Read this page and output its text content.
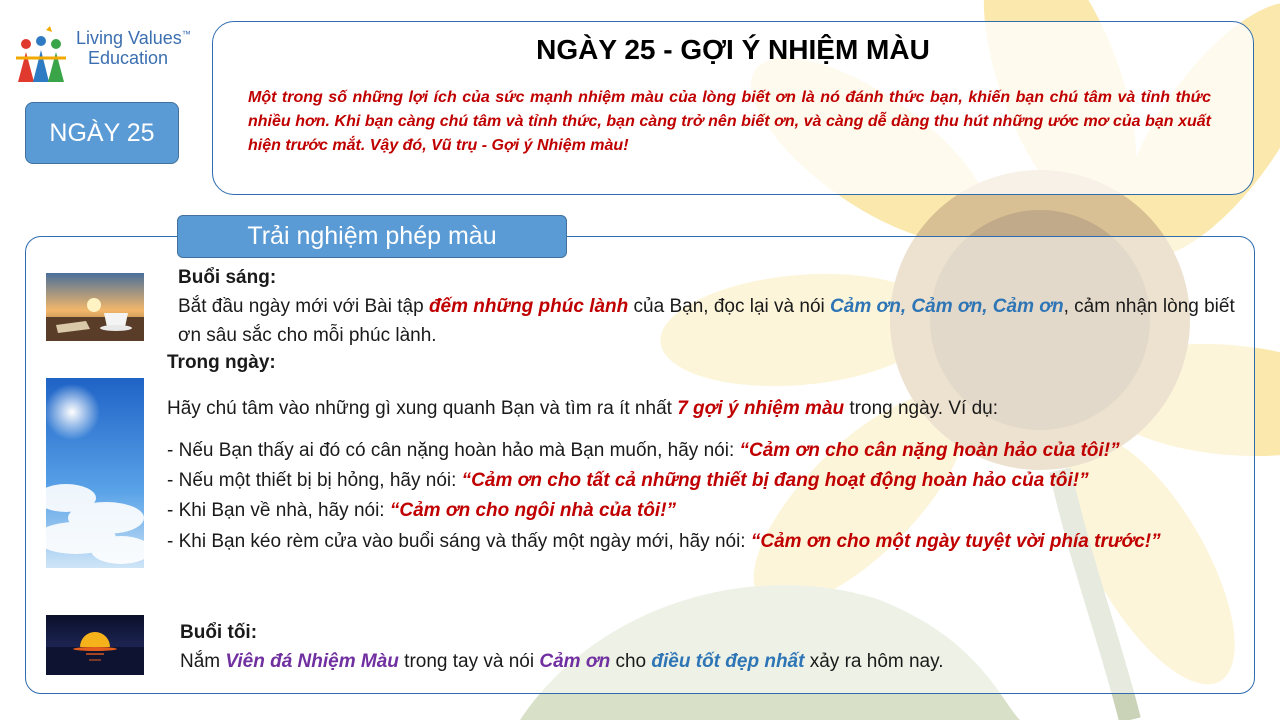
Living Values™
Education
NGÀY 25
NGÀY 25 - GỢI Ý NHIỆM MÀU
Một trong số những lợi ích của sức mạnh nhiệm màu của lòng biết ơn là nó đánh thức bạn, khiến bạn chú tâm và tỉnh thức nhiều hơn. Khi bạn càng chú tâm và tỉnh thức, bạn càng trở nên biết ơn, và càng dễ dàng thu hút những ước mơ của bạn xuất hiện trước mắt. Vậy đó, Vũ trụ - Gợi ý Nhiệm màu!
Trải nghiệm phép màu
Buổi sáng:
Bắt đầu ngày mới với Bài tập đếm những phúc lành của Bạn, đọc lại và nói Cảm ơn, Cảm ơn, Cảm ơn, cảm nhận lòng biết ơn sâu sắc cho mỗi phúc lành.
Trong ngày:
Hãy chú tâm vào những gì xung quanh Bạn và tìm ra ít nhất 7 gợi ý nhiệm màu trong ngày. Ví dụ:
- Nếu Bạn thấy ai đó có cân nặng hoàn hảo mà Bạn muốn, hãy nói: “Cảm ơn cho cân nặng hoàn hảo của tôi!”
- Nếu một thiết bị bị hỏng, hãy nói: “Cảm ơn cho tất cả những thiết bị đang hoạt động hoàn hảo của tôi!”
- Khi Bạn về nhà, hãy nói: “Cảm ơn cho ngôi nhà của tôi!”
- Khi Bạn kéo rèm cửa vào buổi sáng và thấy một ngày mới, hãy nói: “Cảm ơn cho một ngày tuyệt vời phía trước!”
Buổi tối:
Nắm Viên đá Nhiệm Màu trong tay và nói Cảm ơn cho điều tốt đẹp nhất xảy ra hôm nay.
